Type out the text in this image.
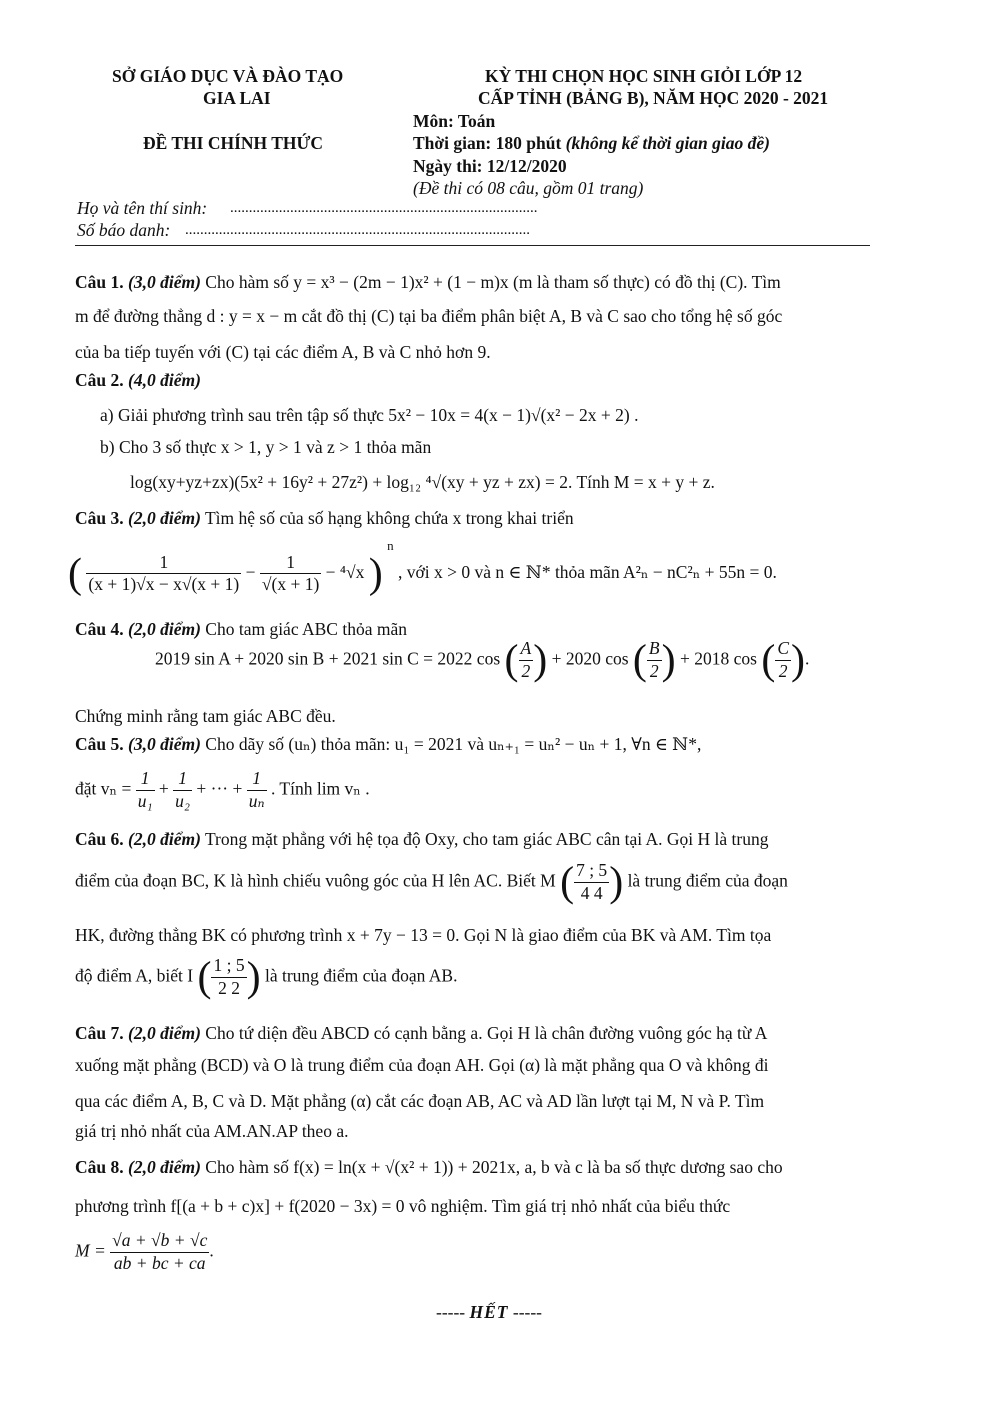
SỞ GIÁO DỤC VÀ ĐÀO TẠO
GIA LAI
ĐỀ THI CHÍNH THỨC
KỲ THI CHỌN HỌC SINH GIỎI LỚP 12
CẤP TỈNH (BẢNG B), NĂM HỌC 2020 - 2021
Môn: Toán
Thời gian: 180 phút (không kể thời gian giao đề)
Ngày thi: 12/12/2020
(Đề thi có 08 câu, gồm 01 trang)
Họ và tên thí sinh: ..................................................................................
Số báo danh: ............................................................................................
Câu 1. (3,0 điểm) Cho hàm số y = x³ − (2m − 1)x² + (1 − m)x (m là tham số thực) có đồ thị (C). Tìm
m để đường thẳng d : y = x − m cắt đồ thị (C) tại ba điểm phân biệt A, B và C sao cho tổng hệ số góc
của ba tiếp tuyến với (C) tại các điểm A, B và C nhỏ hơn 9.
Câu 2. (4,0 điểm)
a) Giải phương trình sau trên tập số thực 5x² − 10x = 4(x − 1)√(x² − 2x + 2) .
b) Cho 3 số thực x > 1, y > 1 và z > 1 thỏa mãn
log(xy+yz+zx)(5x² + 16y² + 27z²) + log₁₂ ⁴√(xy + yz + zx) = 2. Tính M = x + y + z.
Câu 3. (2,0 điểm) Tìm hệ số của số hạng không chứa x trong khai triển
( $\frac{1}{(x + 1)√x - x√(x + 1)} - \frac{1}{√(x + 1)} - ^4√x$ ) $^n$ , với x > 0 và n ∈ ℕ* thỏa mãn A²ₙ − nC²ₙ + 55n = 0.
Câu 4. (2,0 điểm) Cho tam giác ABC thỏa mãn
2019 sin A + 2020 sin B + 2021 sin C = 2022 cos ( $\frac{A}{2}$ ) + 2020 cos ( $\frac{B}{2}$ ) + 2018 cos ( $\frac{C}{2}$ ).
Chứng minh rằng tam giác ABC đều.
Câu 5. (3,0 điểm) Cho dãy số (uₙ) thỏa mãn: u₁ = 2021 và uₙ₊₁ = uₙ² − uₙ + 1, ∀n ∈ ℕ*,
đặt $v_n = \frac{1}{\text{u₁}} + \frac{1}{\text{u₂}}$ + ··· + $\frac{1}{\text{uₙ}}$ . Tính lim vₙ .
Câu 6. (2,0 điểm) Trong mặt phẳng với hệ tọa độ Oxy, cho tam giác ABC cân tại A. Gọi H là trung
điểm của đoạn BC, K là hình chiếu vuông góc của H lên AC. Biết M ( $\frac{7 ; 5}{4 4}$ ) là trung điểm của đoạn
HK, đường thẳng BK có phương trình x + 7y − 13 = 0. Gọi N là giao điểm của BK và AM. Tìm tọa
độ điểm A, biết I ( $\frac{1 ; 5}{2 2}$ ) là trung điểm của đoạn AB.
Câu 7. (2,0 điểm) Cho tứ diện đều ABCD có cạnh bằng a. Gọi H là chân đường vuông góc hạ từ A
xuống mặt phẳng (BCD) và O là trung điểm của đoạn AH. Gọi (α) là mặt phẳng qua O và không đi
qua các điểm A, B, C và D. Mặt phẳng (α) cắt các đoạn AB, AC và AD lần lượt tại M, N và P. Tìm
giá trị nhỏ nhất của AM.AN.AP theo a.
Câu 8. (2,0 điểm) Cho hàm số f(x) = ln(x + √(x² + 1)) + 2021x, a, b và c là ba số thực dương sao cho
phương trình f[(a + b + c)x] + f(2020 − 3x) = 0 vô nghiệm. Tìm giá trị nhỏ nhất của biểu thức
$M = \frac{√a + √b + √c}{ab + bc + ca}$ .
----- HẾT -----
